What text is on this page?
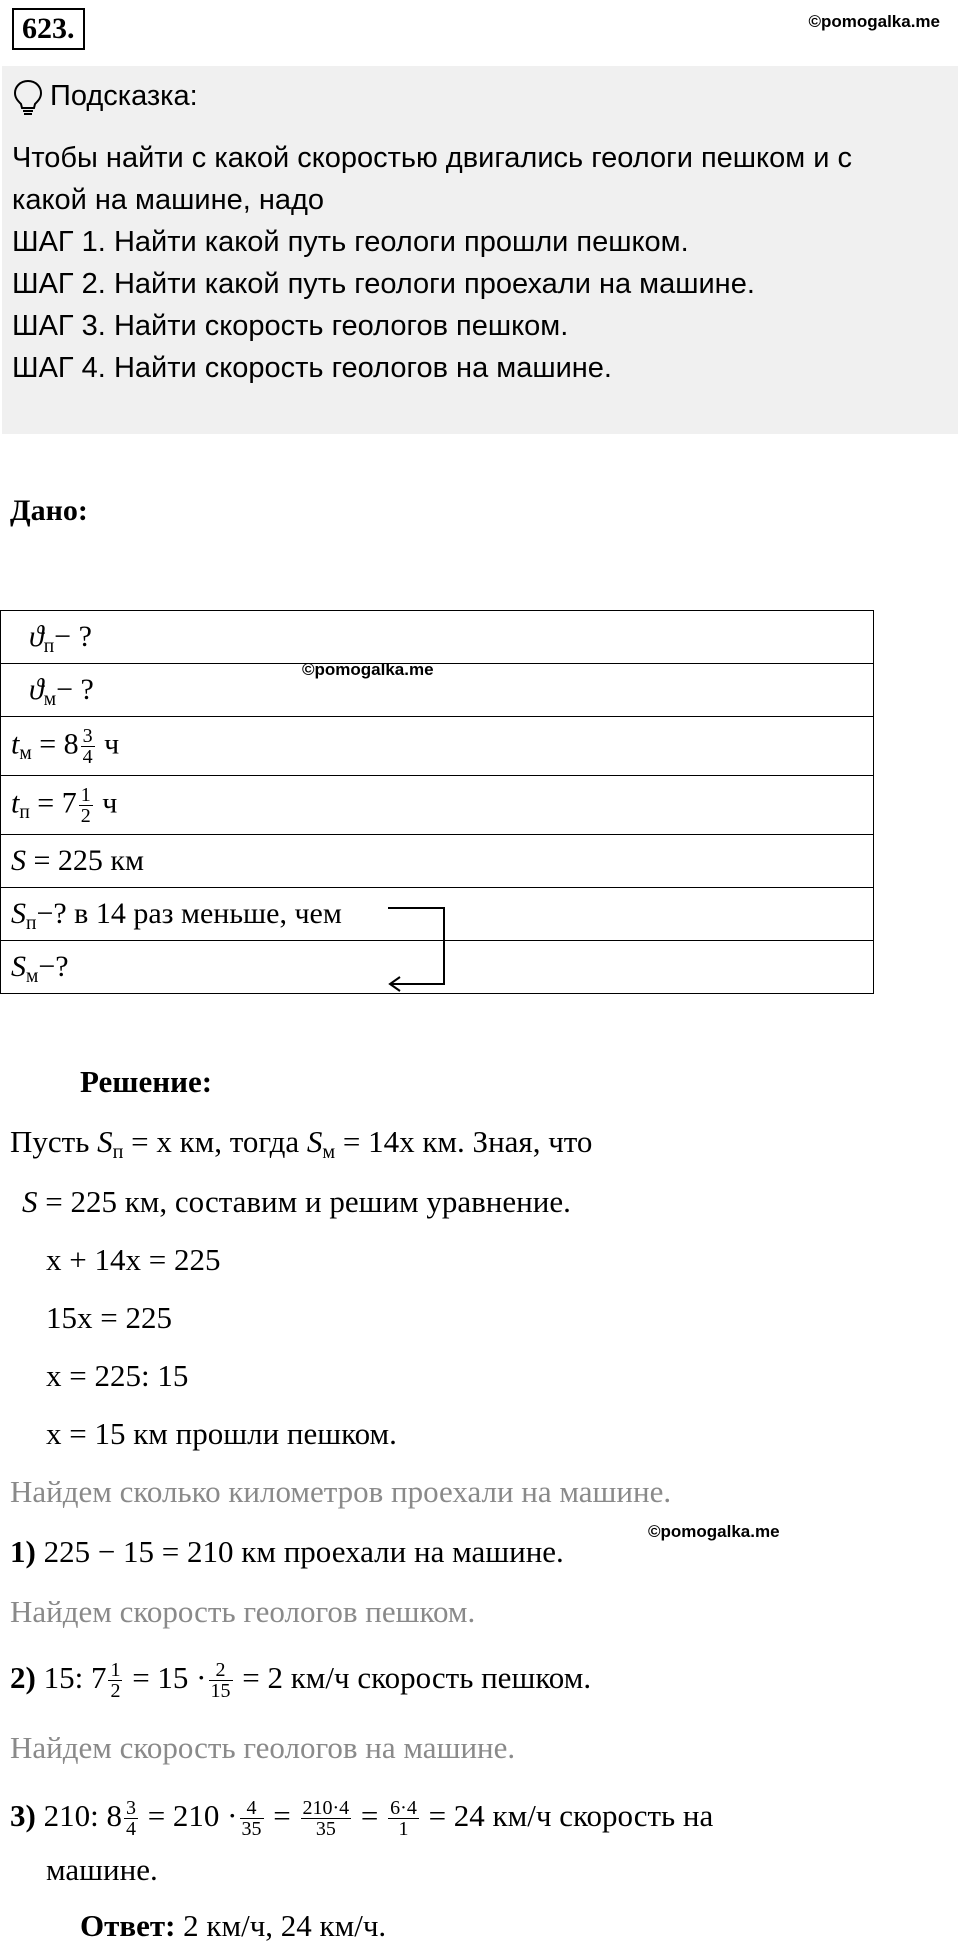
623.	©pomogalka.me
Подсказка:
Чтобы найти с какой скоростью двигались геологи пешком и с
какой на машине, надо
ШАГ 1. Найти какой путь геологи прошли пешком.
ШАГ 2. Найти какой путь геологи проехали на машине.
ШАГ 3. Найти скорость геологов пешком.
ШАГ 4. Найти скорость геологов на машине.
Дано:
ϑп− ?
ϑм− ?
tм = $8 \frac{3}{4}$ ч
tп = $7 \frac{1}{2}$ ч
S = 225 км
Sп−? в 14 раз меньше, чем
Sм−?
©pomogalka.me
Решение:
Пусть Sп = х км, тогда Sм = 14х км. Зная, что
S = 225 км, составим и решим уравнение.
х + 14х = 225
15х = 225
х = 225: 15
х = 15 км прошли пешком.
Найдем сколько километров проехали на машине.
1) 225 − 15 = 210 км проехали на машине.
©pomogalka.me
Найдем скорость геологов пешком.
2) 15: $7 \frac{1}{2} = 15 \cdot \frac{2}{15} = 2$ км/ч скорость пешком.
Найдем скорость геологов на машине.
3) 210: $8 \frac{3}{4} = 210 \cdot \frac{4}{35} = \frac{210\cdot 4}{35} = \frac{6\cdot 4}{1} = 24$ км/ч скорость на
машине.
Ответ: 2 км/ч, 24 км/ч.
